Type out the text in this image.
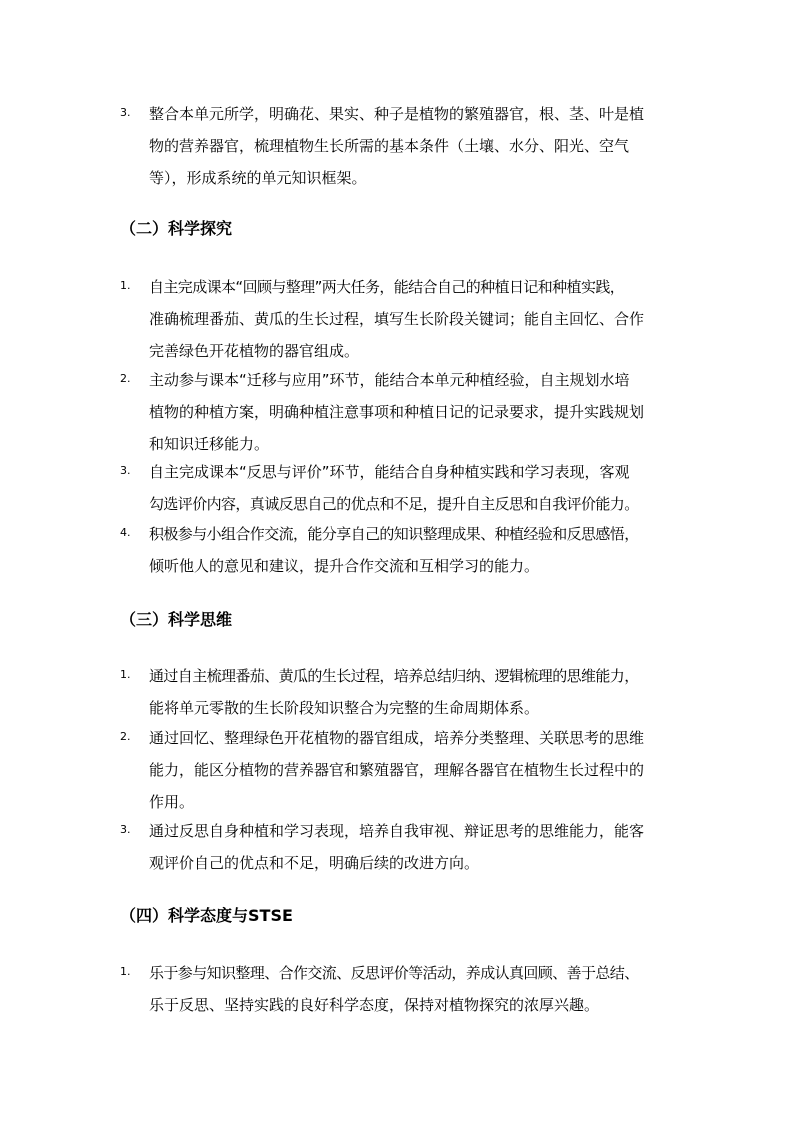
3.	整合本单元所学，明确花、果实、种子是植物的繁殖器官，根、茎、叶是植
物的营养器官，梳理植物生长所需的基本条件（土壤、水分、阳光、空气
等），形成系统的单元知识框架。
（二）科学探究
1.	自主完成课本“回顾与整理”两大任务，能结合自己的种植日记和种植实践，
准确梳理番茄、黄瓜的生长过程，填写生长阶段关键词；能自主回忆、合作
完善绿色开花植物的器官组成。
2.	主动参与课本“迁移与应用”环节，能结合本单元种植经验，自主规划水培
植物的种植方案，明确种植注意事项和种植日记的记录要求，提升实践规划
和知识迁移能力。
3.	自主完成课本“反思与评价”环节，能结合自身种植实践和学习表现，客观
勾选评价内容，真诚反思自己的优点和不足，提升自主反思和自我评价能力。
4.	积极参与小组合作交流，能分享自己的知识整理成果、种植经验和反思感悟，
倾听他人的意见和建议，提升合作交流和互相学习的能力。
（三）科学思维
1.	通过自主梳理番茄、黄瓜的生长过程，培养总结归纳、逻辑梳理的思维能力，
能将单元零散的生长阶段知识整合为完整的生命周期体系。
2.	通过回忆、整理绿色开花植物的器官组成，培养分类整理、关联思考的思维
能力，能区分植物的营养器官和繁殖器官，理解各器官在植物生长过程中的
作用。
3.	通过反思自身种植和学习表现，培养自我审视、辩证思考的思维能力，能客
观评价自己的优点和不足，明确后续的改进方向。
（四）科学态度与STSE
1.	乐于参与知识整理、合作交流、反思评价等活动，养成认真回顾、善于总结、
乐于反思、坚持实践的良好科学态度，保持对植物探究的浓厚兴趣。
